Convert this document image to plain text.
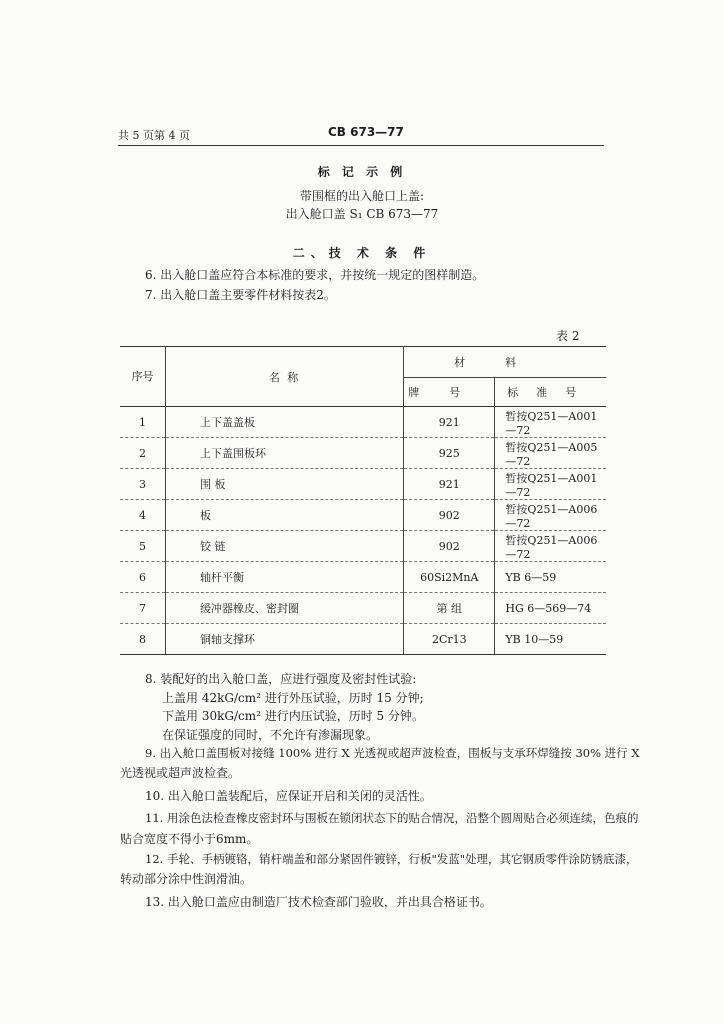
共 5 页第 4 页	CB 673—77
标 记 示 例
带围框的出入舱口上盖:
出入舱口盖 S₁ CB 673—77
二、技 术 条 件
6. 出入舱口盖应符合本标准的要求，并按统一规定的图样制造。
7. 出入舱口盖主要零件材料按表2。
表 2
序号	名 称	材料	
		牌号	标准号
1	上下盖盖板	921	暂按Q251—A001—72
2	上下盖围板环	925	暂按Q251—A005—72
3	围 板	921	暂按Q251—A001—72
4	板	902	暂按Q251—A006—72
5	铰 链	902	暂按Q251—A006—72
6	轴杆平衡	60Si2MnA	YB 6—59
7	缓冲器橡皮、密封圈	第 组	HG 6—569—74
8	铜轴支撑环	2Cr13	YB 10—59
8. 装配好的出入舱口盖，应进行强度及密封性试验:
上盖用 42kG/cm² 进行外压试验，历时 15 分钟;
下盖用 30kG/cm² 进行内压试验，历时 5 分钟。
在保证强度的同时，不允许有渗漏现象。
9. 出入舱口盖围板对接缝 100% 进行 X 光透视或超声波检查，围板与支承环焊缝按 30% 进行 X
光透视或超声波检查。
10. 出入舱口盖装配后，应保证开启和关闭的灵活性。
11. 用涂色法检查橡皮密封环与围板在锁闭状态下的贴合情况，沿整个圆周贴合必须连续，色痕的
贴合宽度不得小于6mm。
12. 手轮、手柄镀铬，销杆端盖和部分紧固件镀锌，行板"发蓝"处理，其它钢质零件涂防锈底漆，
转动部分涂中性润滑油。
13. 出入舱口盖应由制造厂技术检查部门验收，并出具合格证书。
